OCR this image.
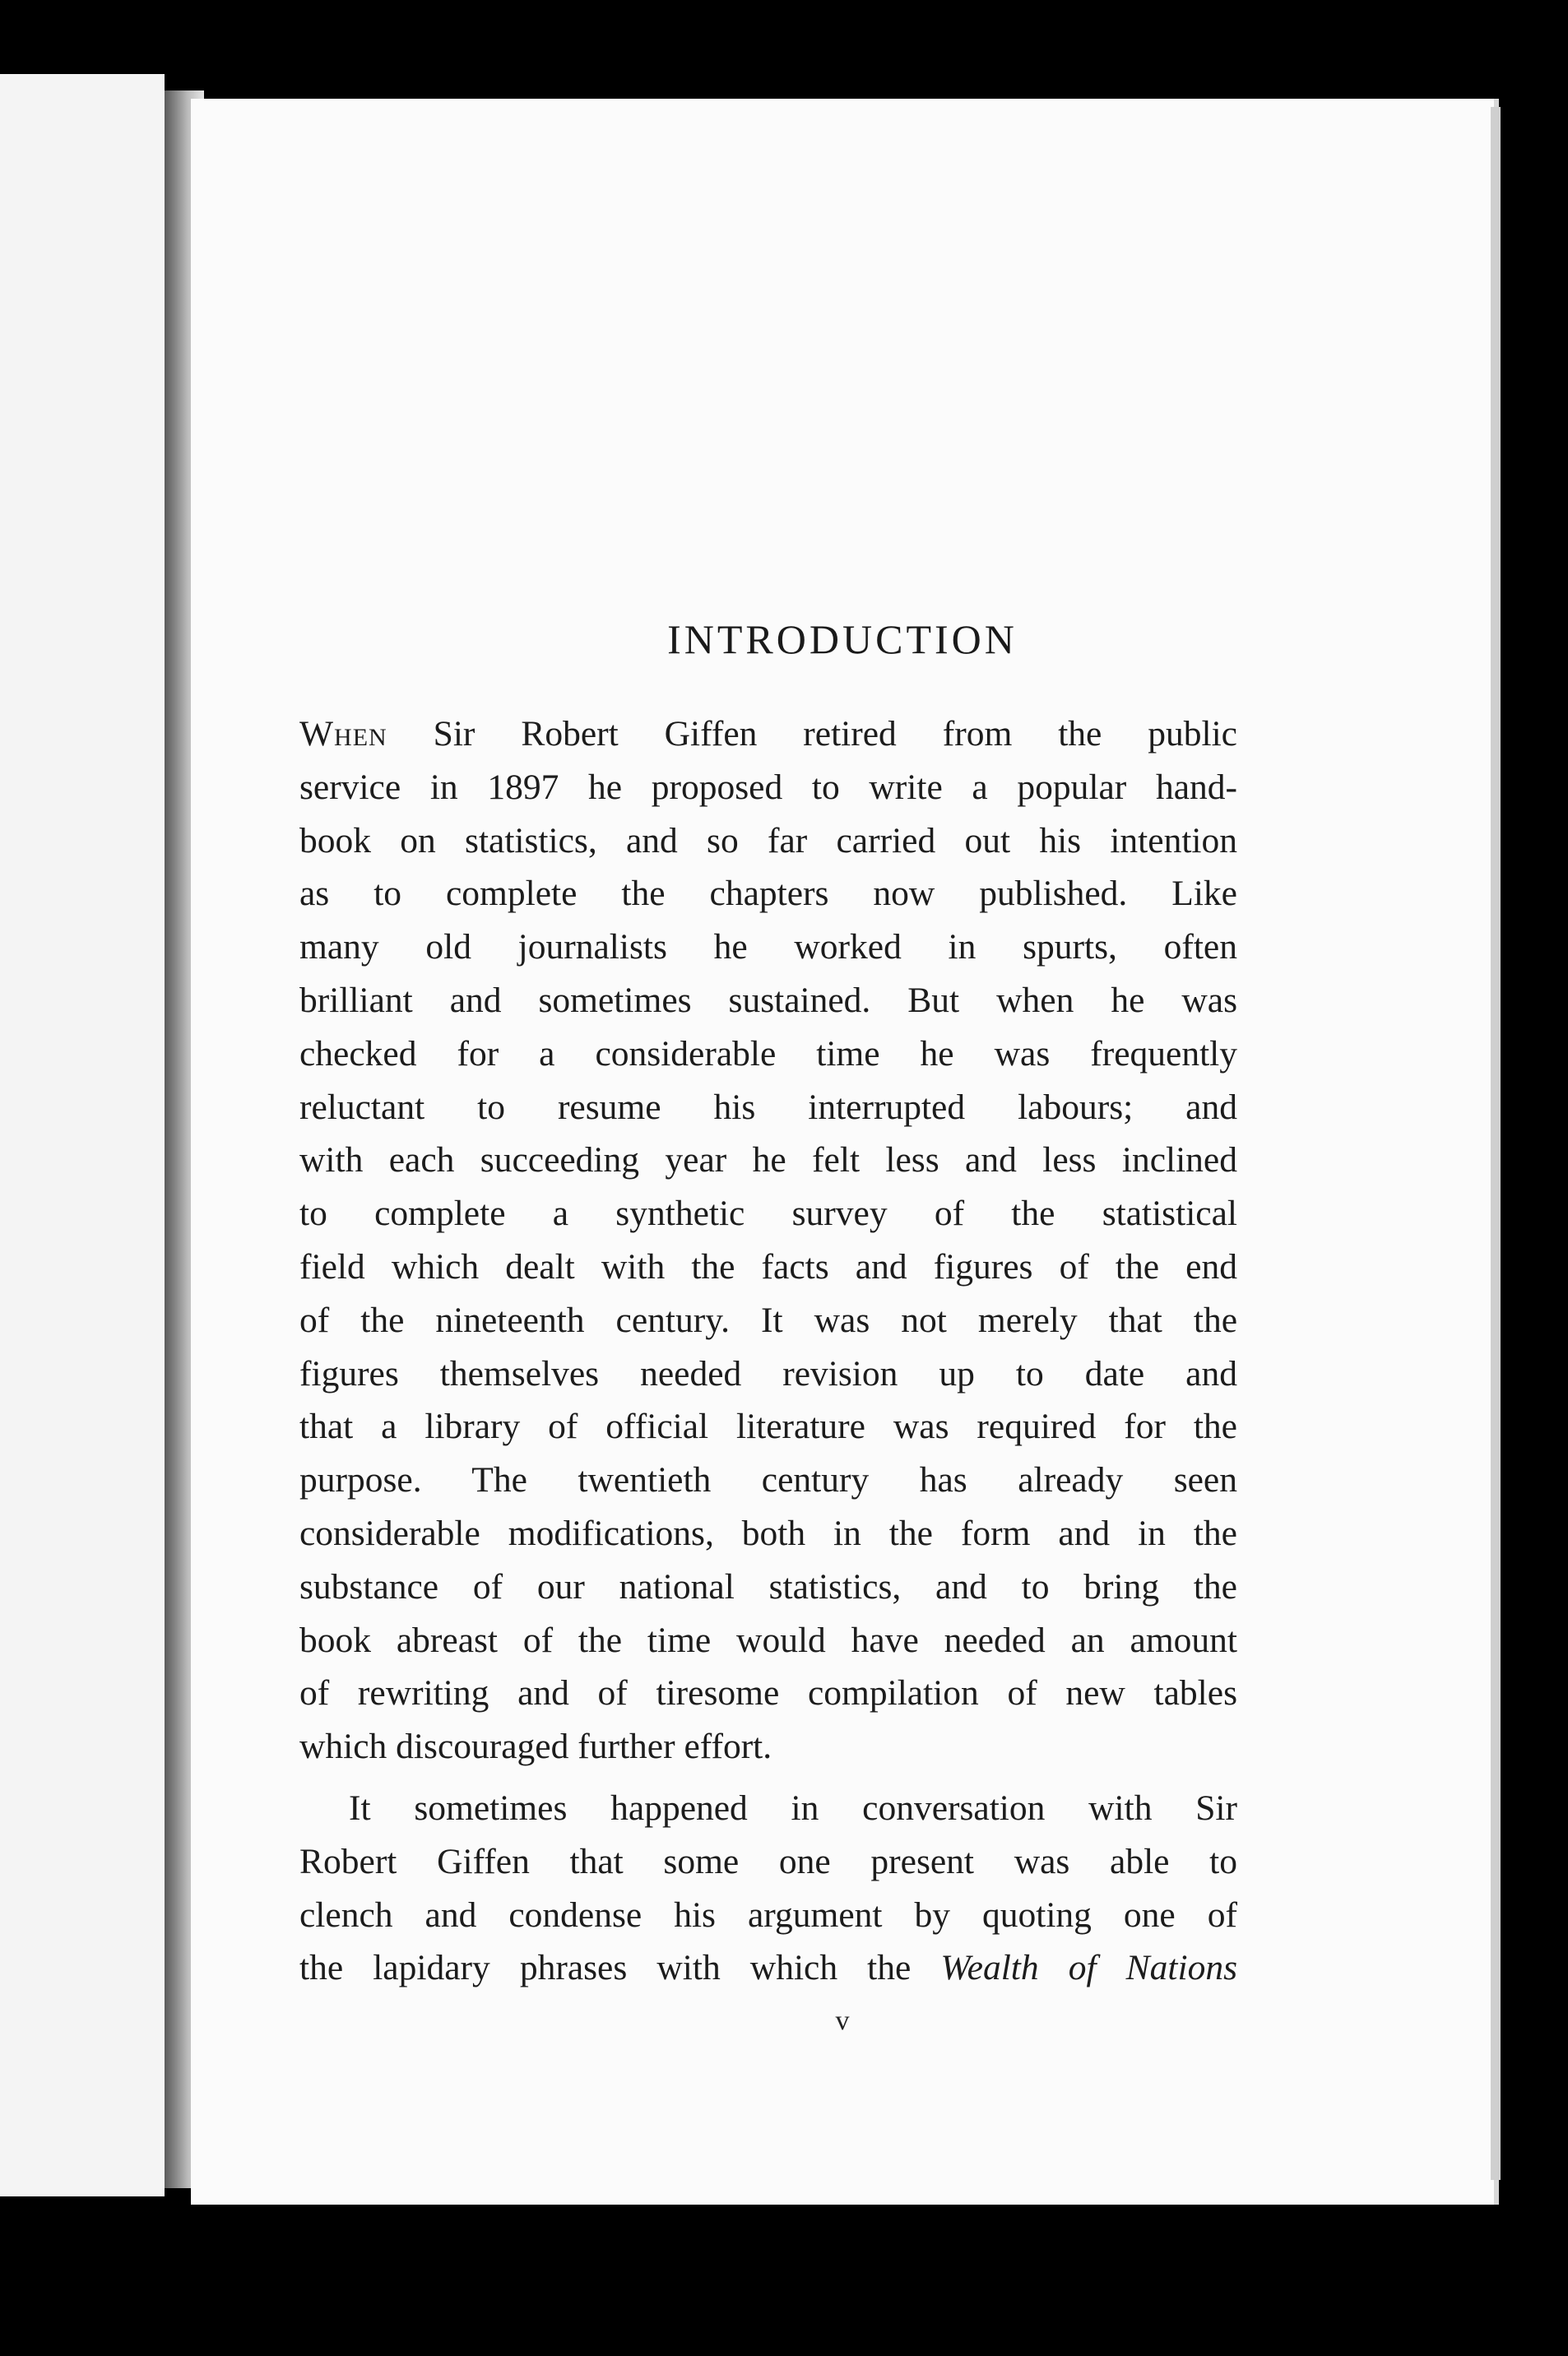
INTRODUCTION

When Sir Robert Giffen retired from the public
service in 1897 he proposed to write a popular hand-
book on statistics, and so far carried out his intention
as to complete the chapters now published. Like
many old journalists he worked in spurts, often
brilliant and sometimes sustained. But when he was
checked for a considerable time he was frequently
reluctant to resume his interrupted labours; and
with each succeeding year he felt less and less inclined
to complete a synthetic survey of the statistical
field which dealt with the facts and figures of the end
of the nineteenth century. It was not merely that the
figures themselves needed revision up to date and
that a library of official literature was required for the
purpose. The twentieth century has already seen
considerable modifications, both in the form and in the
substance of our national statistics, and to bring the
book abreast of the time would have needed an amount
of rewriting and of tiresome compilation of new tables
which discouraged further effort.

It sometimes happened in conversation with Sir
Robert Giffen that some one present was able to
clench and condense his argument by quoting one of
the lapidary phrases with which the Wealth of Nations

v
